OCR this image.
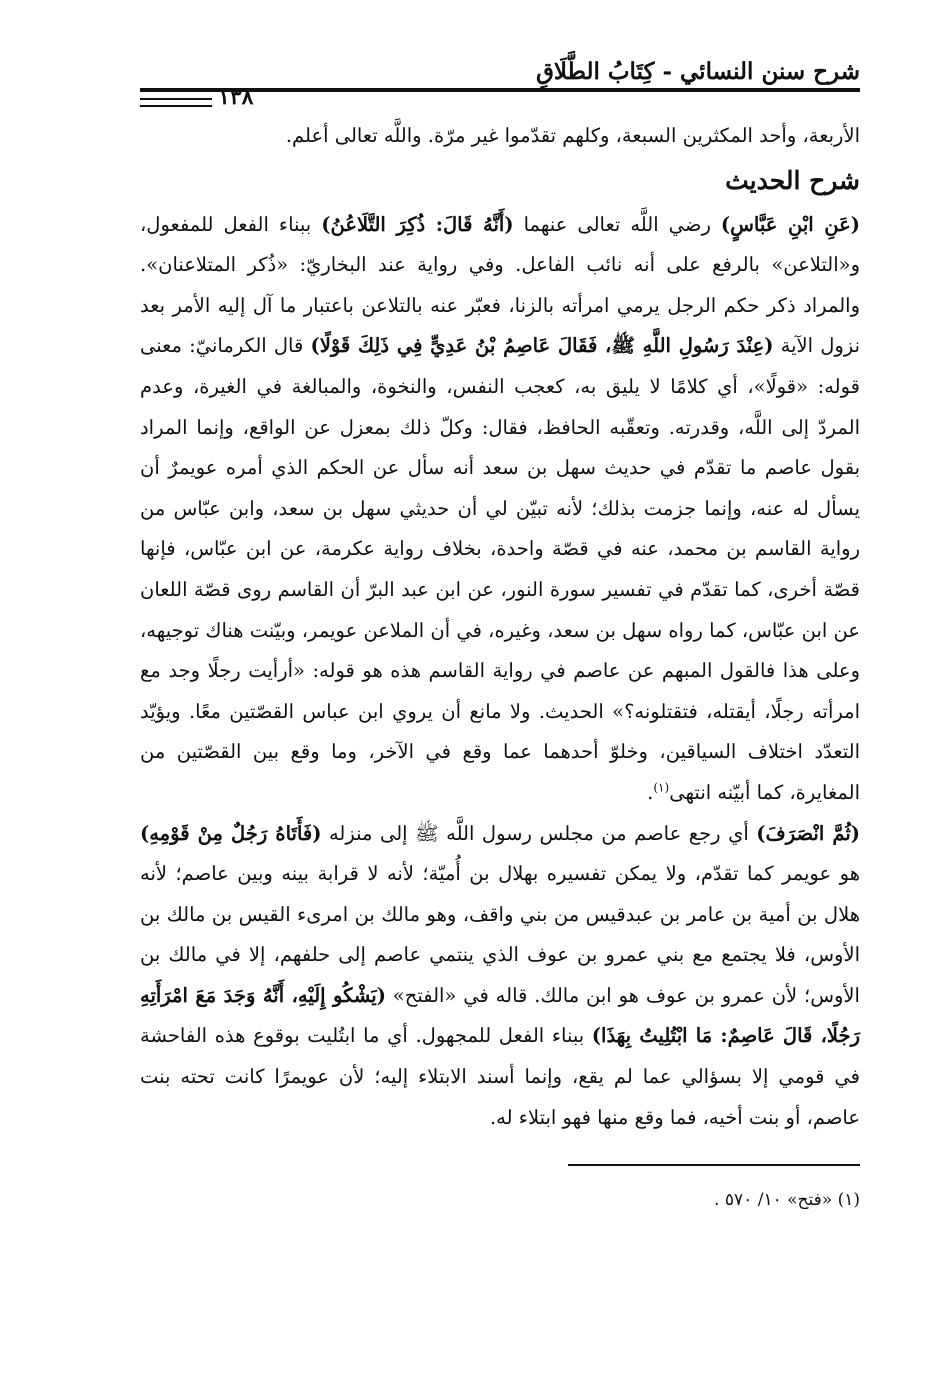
شرح سنن النسائي - كِتَابُ الطَّلَاقِ
١٣٨

الأربعة، وأحد المكثرين السبعة، وكلهم تقدّموا غير مرّة. واللَّه تعالى أعلم.

شرح الحديث

(عَنِ ابْنِ عَبَّاسٍ) رضي اللَّه تعالى عنهما (أَنَّهُ قَالَ: ذُكِرَ التَّلَاعُنُ) ببناء الفعل للمفعول، و«التلاعن» بالرفع على أنه نائب الفاعل. وفي رواية عند البخاريّ: «ذُكر المتلاعنان». والمراد ذكر حكم الرجل يرمي امرأته بالزنا، فعبّر عنه بالتلاعن باعتبار ما آل إليه الأمر بعد نزول الآية (عِنْدَ رَسُولِ اللَّهِ ﷺ، فَقَالَ عَاصِمُ بْنُ عَدِيٍّ فِي ذَلِكَ قَوْلًا) قال الكرمانيّ: معنى قوله: «قولًا»، أي كلامًا لا يليق به، كعجب النفس، والنخوة، والمبالغة في الغيرة، وعدم المردّ إلى اللَّه، وقدرته. وتعقّبه الحافظ، فقال: وكلّ ذلك بمعزل عن الواقع، وإنما المراد بقول عاصم ما تقدّم في حديث سهل بن سعد أنه سأل عن الحكم الذي أمره عويمرٌ أن يسأل له عنه، وإنما جزمت بذلك؛ لأنه تبيّن لي أن حديثي سهل بن سعد، وابن عبّاس من رواية القاسم بن محمد، عنه في قصّة واحدة، بخلاف رواية عكرمة، عن ابن عبّاس، فإنها قصّة أخرى، كما تقدّم في تفسير سورة النور، عن ابن عبد البرّ أن القاسم روى قصّة اللعان عن ابن عبّاس، كما رواه سهل بن سعد، وغيره، في أن الملاعن عويمر، وبيّنت هناك توجيهه، وعلى هذا فالقول المبهم عن عاصم في رواية القاسم هذه هو قوله: «أرأيت رجلًا وجد مع امرأته رجلًا، أيقتله، فتقتلونه؟» الحديث. ولا مانع أن يروي ابن عباس القصّتين معًا. ويؤيّد التعدّد اختلاف السياقين، وخلوّ أحدهما عما وقع في الآخر، وما وقع بين القصّتين من المغايرة، كما أبيّنه انتهى$^{(١)}$.

(ثُمَّ انْصَرَفَ) أي رجع عاصم من مجلس رسول اللَّه ﷺ إلى منزله (فَأَتَاهُ رَجُلٌ مِنْ قَوْمِهِ) هو عويمر كما تقدّم، ولا يمكن تفسيره بهلال بن أُميّة؛ لأنه لا قرابة بينه وبين عاصم؛ لأنه هلال بن أمية بن عامر بن عبدقيس من بني واقف، وهو مالك بن امرىء القيس بن مالك بن الأوس، فلا يجتمع مع بني عمرو بن عوف الذي ينتمي عاصم إلى حلفهم، إلا في مالك بن الأوس؛ لأن عمرو بن عوف هو ابن مالك. قاله في «الفتح» (يَشْكُو إِلَيْهِ، أَنَّهُ وَجَدَ مَعَ امْرَأَتِهِ رَجُلًا، قَالَ عَاصِمٌ: مَا ابْتُلِيتُ بِهَذَا) ببناء الفعل للمجهول. أي ما ابتُليت بوقوع هذه الفاحشة في قومي إلا بسؤالي عما لم يقع، وإنما أسند الابتلاء إليه؛ لأن عويمرًا كانت تحته بنت عاصم، أو بنت أخيه، فما وقع منها فهو ابتلاء له.

(١) «فتح» ١٠/ ٥٧٠ .
